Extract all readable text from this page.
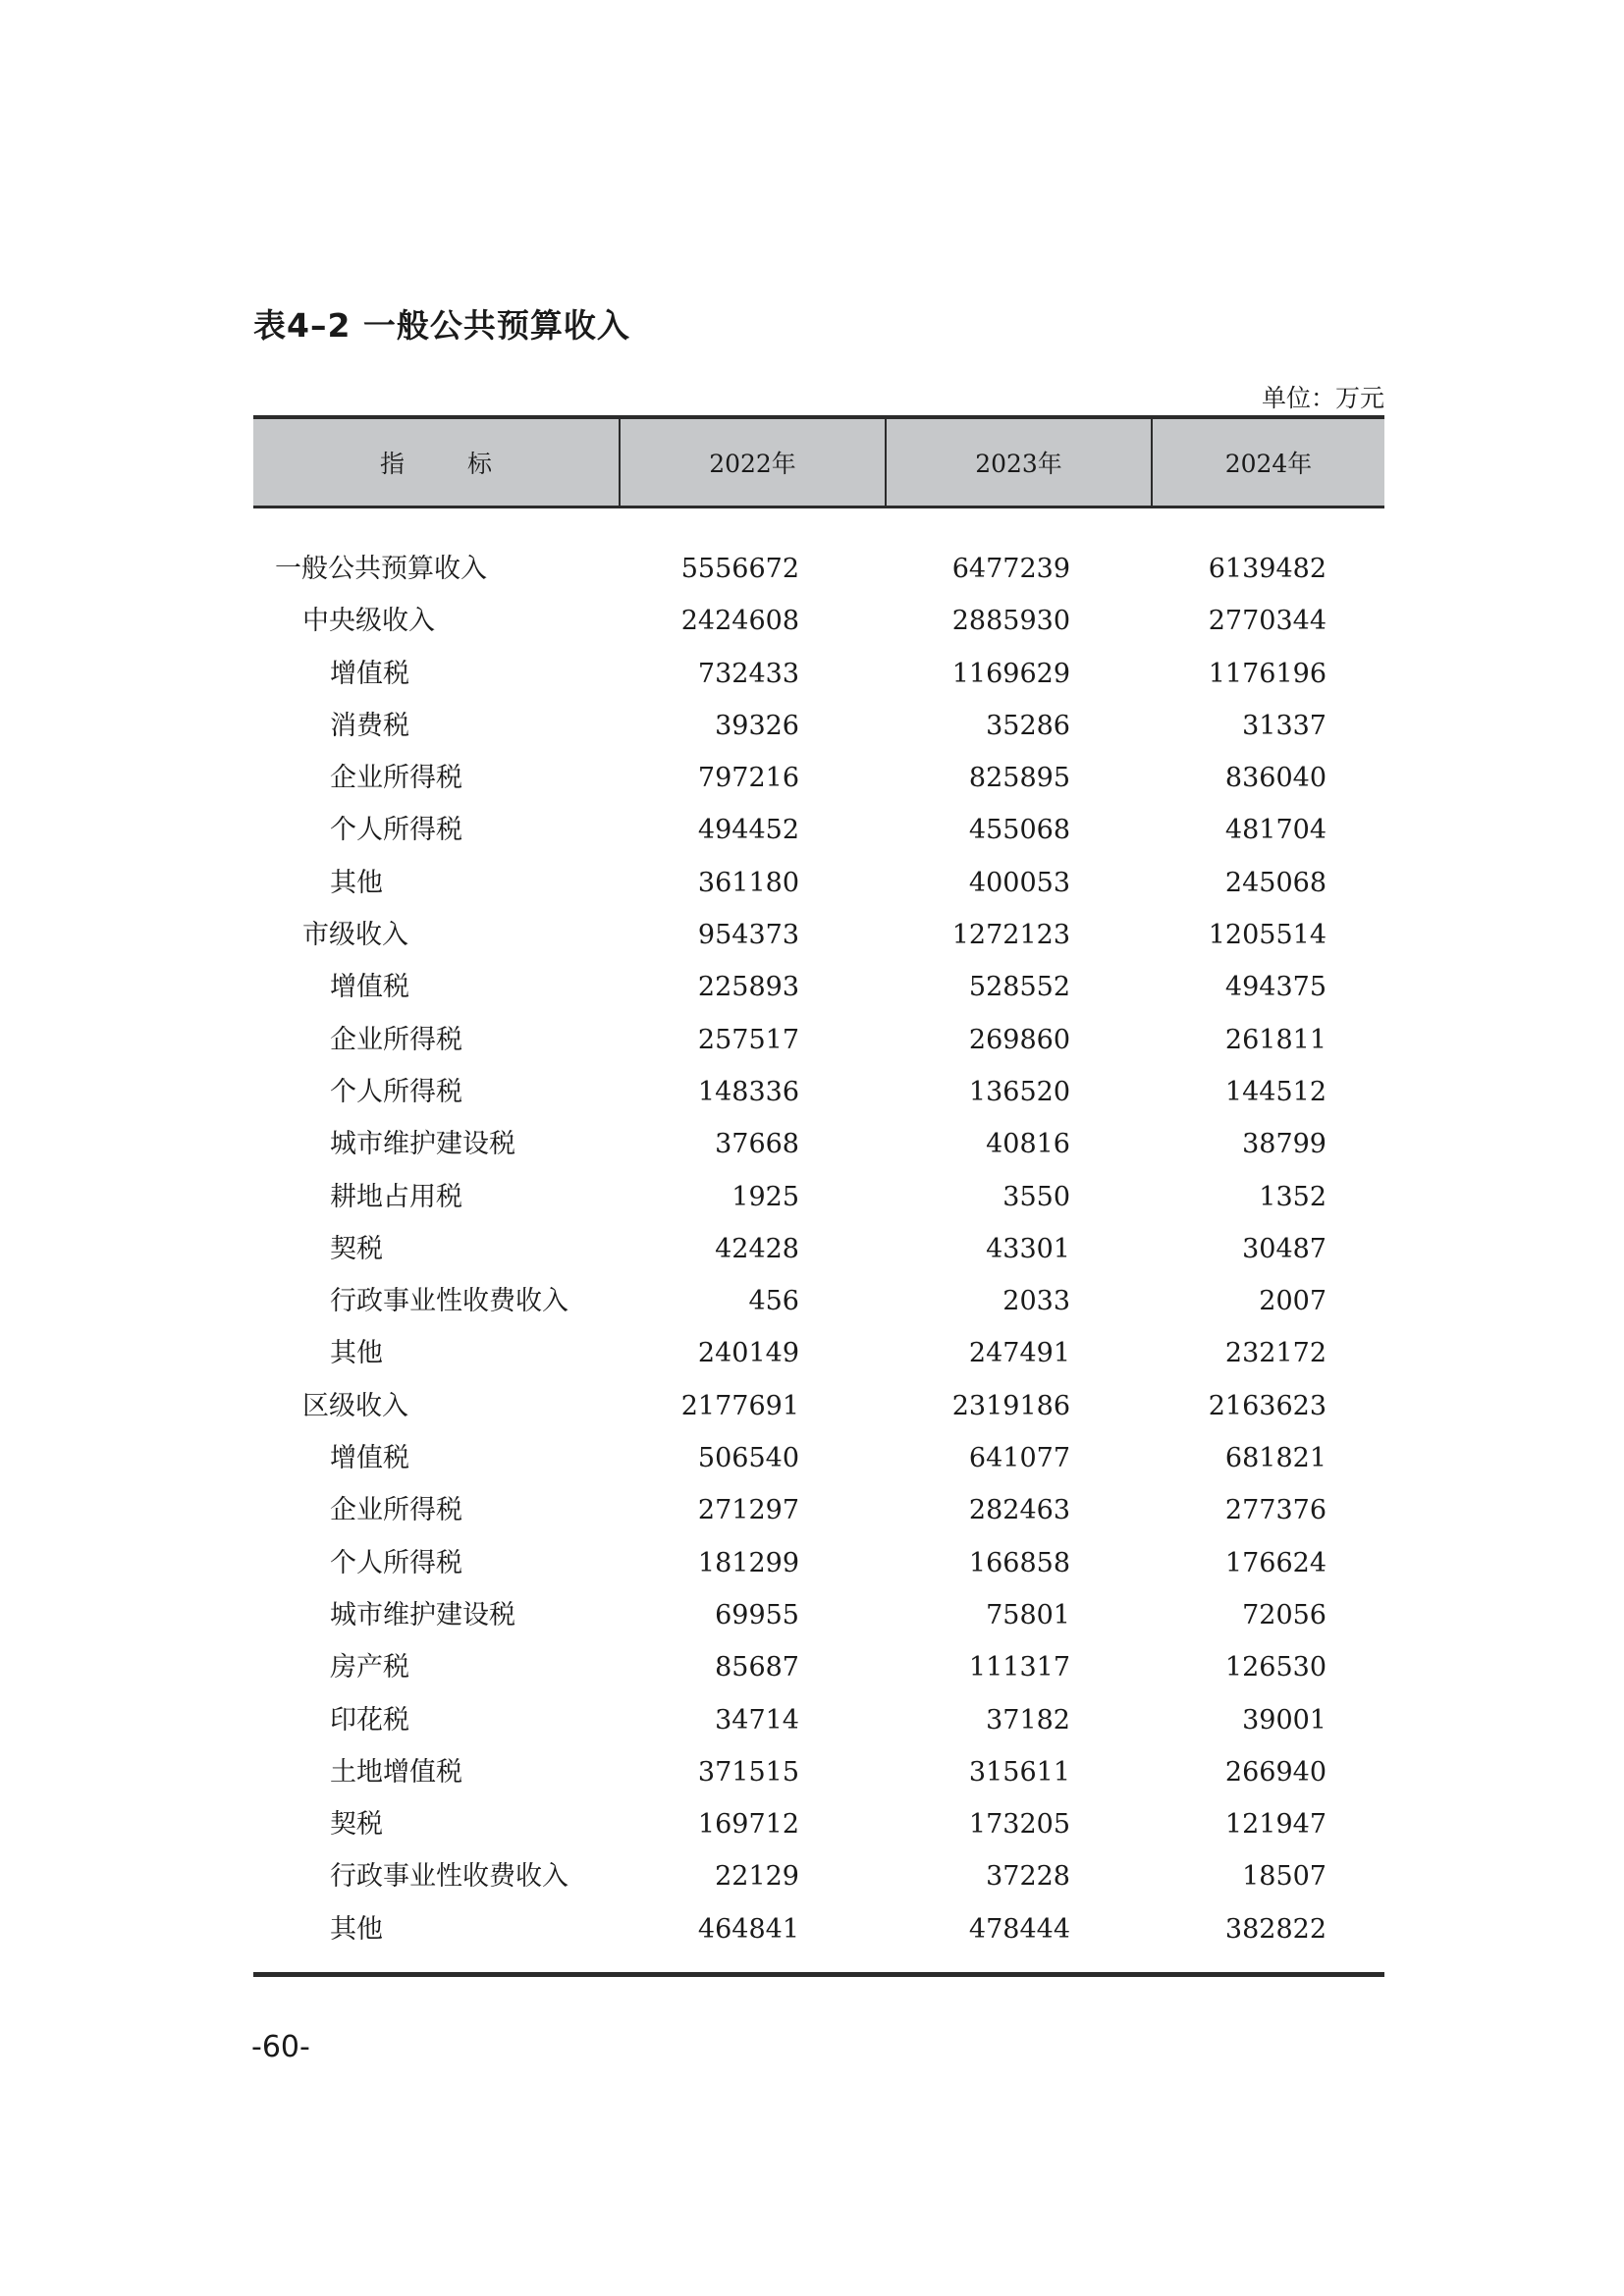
表4–2 一般公共预算收入
单位：万元
指 标	2022年	2023年	2024年
一般公共预算收入	5556672	6477239	6139482
中央级收入	2424608	2885930	2770344
增值税	732433	1169629	1176196
消费税	39326	35286	31337
企业所得税	797216	825895	836040
个人所得税	494452	455068	481704
其他	361180	400053	245068
市级收入	954373	1272123	1205514
增值税	225893	528552	494375
企业所得税	257517	269860	261811
个人所得税	148336	136520	144512
城市维护建设税	37668	40816	38799
耕地占用税	1925	3550	1352
契税	42428	43301	30487
行政事业性收费收入	456	2033	2007
其他	240149	247491	232172
区级收入	2177691	2319186	2163623
增值税	506540	641077	681821
企业所得税	271297	282463	277376
个人所得税	181299	166858	176624
城市维护建设税	69955	75801	72056
房产税	85687	111317	126530
印花税	34714	37182	39001
土地增值税	371515	315611	266940
契税	169712	173205	121947
行政事业性收费收入	22129	37228	18507
其他	464841	478444	382822
-60-
